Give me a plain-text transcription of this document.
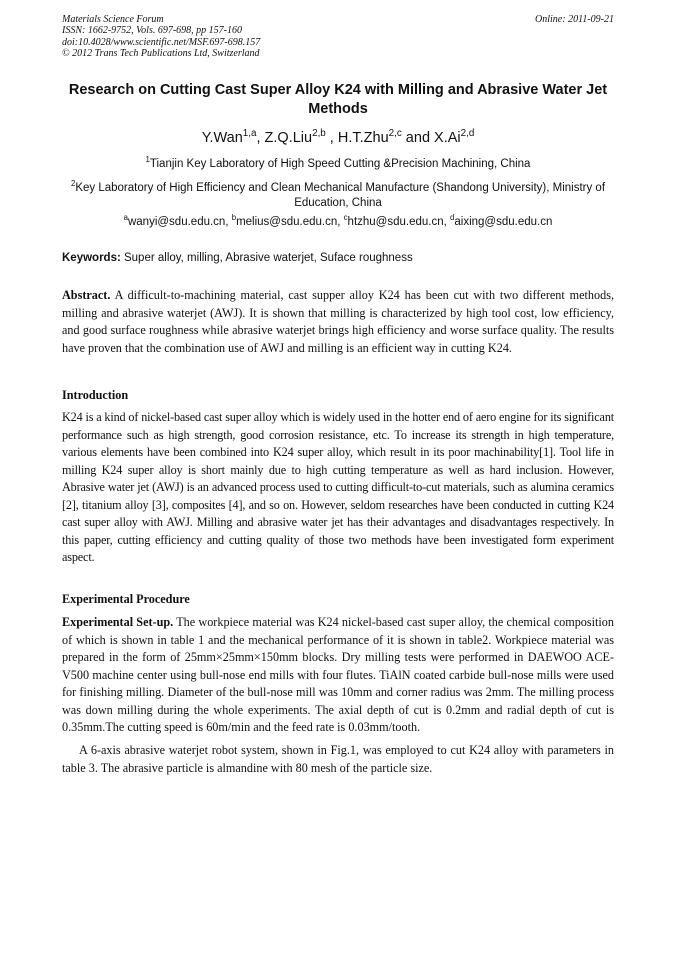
Materials Science Forum
ISSN: 1662-9752, Vols. 697-698, pp 157-160
doi:10.4028/www.scientific.net/MSF.697-698.157
© 2012 Trans Tech Publications Ltd, Switzerland
Online: 2011-09-21
Research on Cutting Cast Super Alloy K24 with Milling and Abrasive Water Jet Methods
Y.Wan$^{1,a}$, Z.Q.Liu$^{2,b}$ , H.T.Zhu$^{2,c}$ and X.Ai$^{2,d}$
$^1$Tianjin Key Laboratory of High Speed Cutting &Precision Machining, China
$^2$Key Laboratory of High Efficiency and Clean Mechanical Manufacture (Shandong University), Ministry of Education, China
$^a$wanyi@sdu.edu.cn, $^b$melius@sdu.edu.cn, $^c$htzhu@sdu.edu.cn, $^d$aixing@sdu.edu.cn
Keywords: Super alloy, milling, Abrasive waterjet, Suface roughness
Abstract. A difficult-to-machining material, cast supper alloy K24 has been cut with two different methods, milling and abrasive waterjet (AWJ). It is shown that milling is characterized by high tool cost, low efficiency, and good surface roughness while abrasive waterjet brings high efficiency and worse surface quality. The results have proven that the combination use of AWJ and milling is an efficient way in cutting K24.
Introduction
K24 is a kind of nickel-based cast super alloy which is widely used in the hotter end of aero engine for its significant performance such as high strength, good corrosion resistance, etc. To increase its strength in high temperature, various elements have been combined into K24 super alloy, which result in its poor machinability[1]. Tool life in milling K24 super alloy is short mainly due to high cutting temperature as well as hard inclusion. However, Abrasive water jet (AWJ) is an advanced process used to cutting difficult-to-cut materials, such as alumina ceramics [2], titanium alloy [3], composites [4], and so on. However, seldom researches have been conducted in cutting K24 cast super alloy with AWJ. Milling and abrasive water jet has their advantages and disadvantages respectively. In this paper, cutting efficiency and cutting quality of those two methods have been investigated form experiment aspect.
Experimental Procedure
Experimental Set-up. The workpiece material was K24 nickel-based cast super alloy, the chemical composition of which is shown in table 1 and the mechanical performance of it is shown in table2. Workpiece material was prepared in the form of 25mm×25mm×150mm blocks. Dry milling tests were performed in DAEWOO ACE-V500 machine center using bull-nose end mills with four flutes. TiAlN coated carbide bull-nose mills were used for finishing milling. Diameter of the bull-nose mill was 10mm and corner radius was 2mm. The milling process was down milling during the whole experiments. The axial depth of cut is 0.2mm and radial depth of cut is 0.35mm.The cutting speed is 60m/min and the feed rate is 0.03mm/tooth.
A 6-axis abrasive waterjet robot system, shown in Fig.1, was employed to cut K24 alloy with parameters in table 3. The abrasive particle is almandine with 80 mesh of the particle size.
